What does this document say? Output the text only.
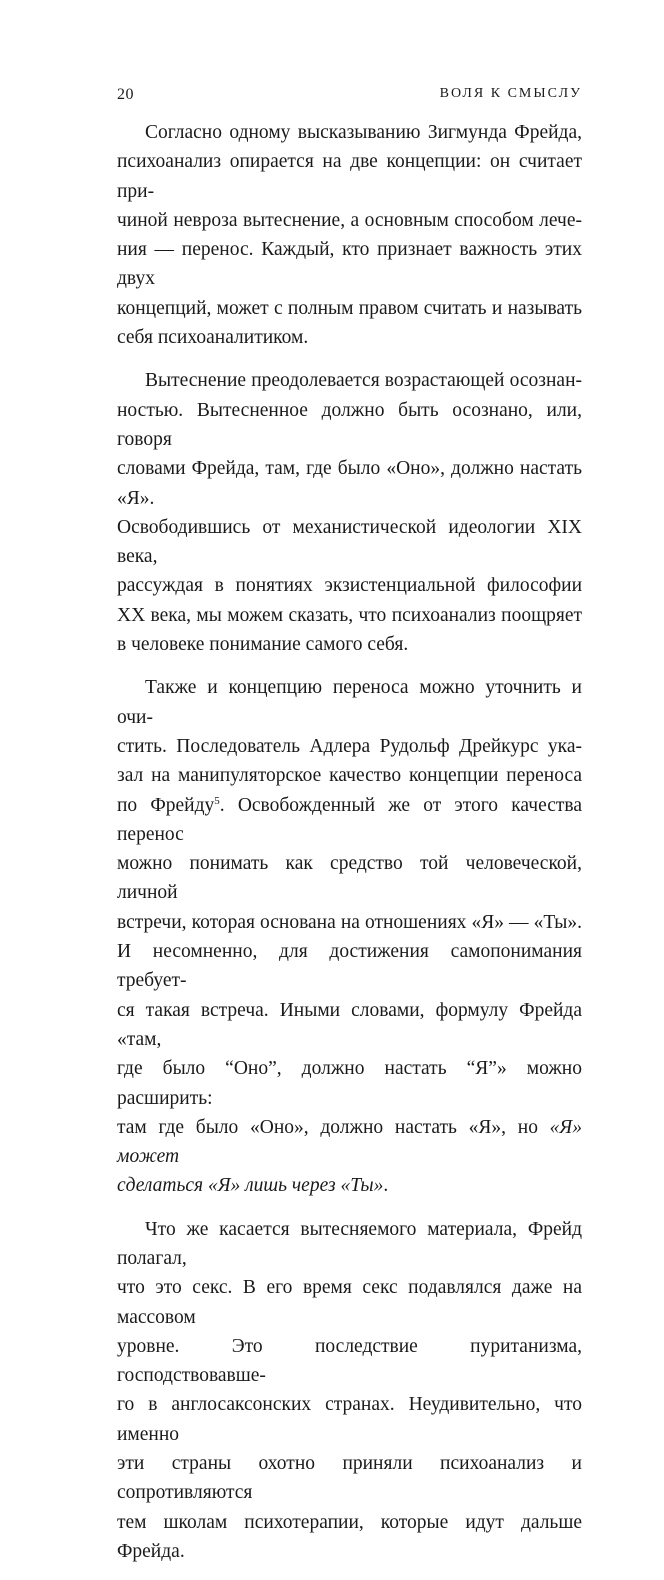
20	ВОЛЯ К СМЫСЛУ

Согласно одному высказыванию Зигмунда Фрейда,
психоанализ опирается на две концепции: он считает при-
чиной невроза вытеснение, а основным способом лече-
ния — перенос. Каждый, кто признает важность этих двух
концепций, может с полным правом считать и называть
себя психоаналитиком.

Вытеснение преодолевается возрастающей осознан-
ностью. Вытесненное должно быть осознано, или, говоря
словами Фрейда, там, где было «Оно», должно настать «Я».
Освободившись от механистической идеологии XIX века,
рассуждая в понятиях экзистенциальной философии
XX века, мы можем сказать, что психоанализ поощряет
в человеке понимание самого себя.

Также и концепцию переноса можно уточнить и очи-
стить. Последователь Адлера Рудольф Дрейкурс ука-
зал на манипуляторское качество концепции переноса
по Фрейду$^5$. Освобожденный же от этого качества перенос
можно понимать как средство той человеческой, личной
встречи, которая основана на отношениях «Я» — «Ты».
И несомненно, для достижения самопонимания требует-
ся такая встреча. Иными словами, формулу Фрейда «там,
где было “Оно”, должно настать “Я”» можно расширить:
там где было «Оно», должно настать «Я», но «Я» может
сделаться «Я» лишь через «Ты».

Что же касается вытесняемого материала, Фрейд полагал,
что это секс. В его время секс подавлялся даже на массовом
уровне. Это последствие пуританизма, господствовавше-
го в англосаксонских странах. Неудивительно, что именно
эти страны охотно приняли психоанализ и сопротивляются
тем школам психотерапии, которые идут дальше Фрейда.
